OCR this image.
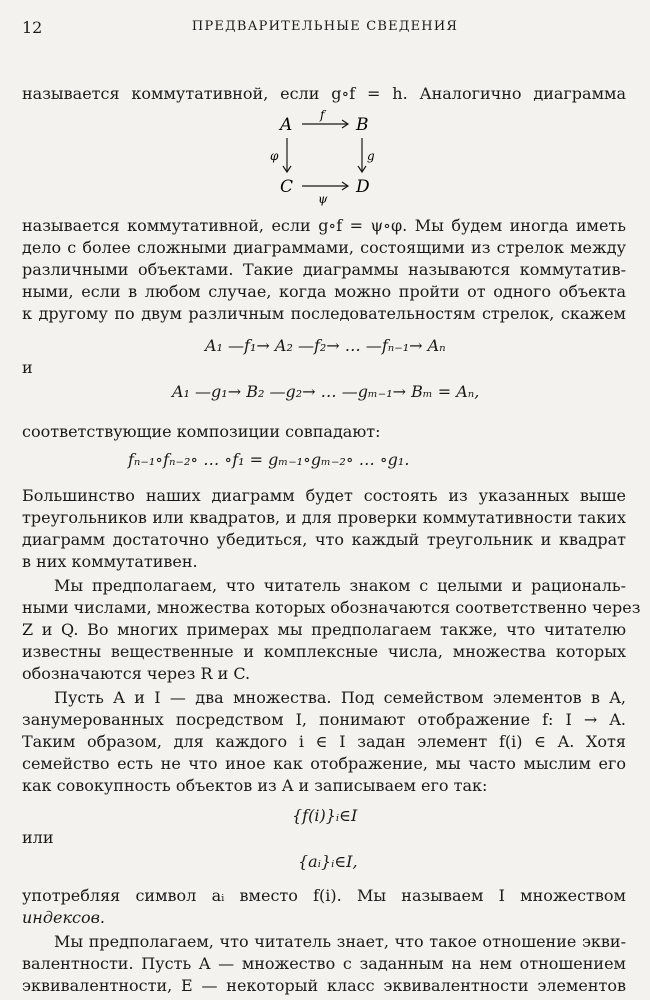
12	ПРЕДВАРИТЕЛЬНЫЕ СВЕДЕНИЯ
называется коммутативной, если g∘f = h. Аналогично диаграмма
A	B
C	D
f
φ	g
ψ
называется коммутативной, если g∘f = ψ∘φ. Мы будем иногда иметь
дело с более сложными диаграммами, состоящими из стрелок между
различными объектами. Такие диаграммы называются коммутатив-
ными, если в любом случае, когда можно пройти от одного объекта
к другому по двум различным последовательностям стрелок, скажем
A₁ —f₁→ A₂ —f₂→ … —fₙ₋₁→ Aₙ
и
A₁ —g₁→ B₂ —g₂→ … —gₘ₋₁→ Bₘ = Aₙ,
соответствующие композиции совпадают:
fₙ₋₁∘fₙ₋₂∘ … ∘f₁ = gₘ₋₁∘gₘ₋₂∘ … ∘g₁.
Большинство наших диаграмм будет состоять из указанных выше
треугольников или квадратов, и для проверки коммутативности таких
диаграмм достаточно убедиться, что каждый треугольник и квадрат
в них коммутативен.
Мы предполагаем, что читатель знаком с целыми и рациональ-
ными числами, множества которых обозначаются соответственно через
Z и Q. Во многих примерах мы предполагаем также, что читателю
известны вещественные и комплексные числа, множества которых
обозначаются через R и C.
Пусть A и I — два множества. Под семейством элементов в A,
занумерованных посредством I, понимают отображение f: I → A.
Таким образом, для каждого i ∈ I задан элемент f(i) ∈ A. Хотя
семейство есть не что иное как отображение, мы часто мыслим его
как совокупность объектов из A и записываем его так:
{f(i)}ᵢ∈I
или
{aᵢ}ᵢ∈I,
употребляя символ aᵢ вместо f(i). Мы называем I множеством
индексов.
Мы предполагаем, что читатель знает, что такое отношение экви-
валентности. Пусть A — множество с заданным на нем отношением
эквивалентности, E — некоторый класс эквивалентности элементов
